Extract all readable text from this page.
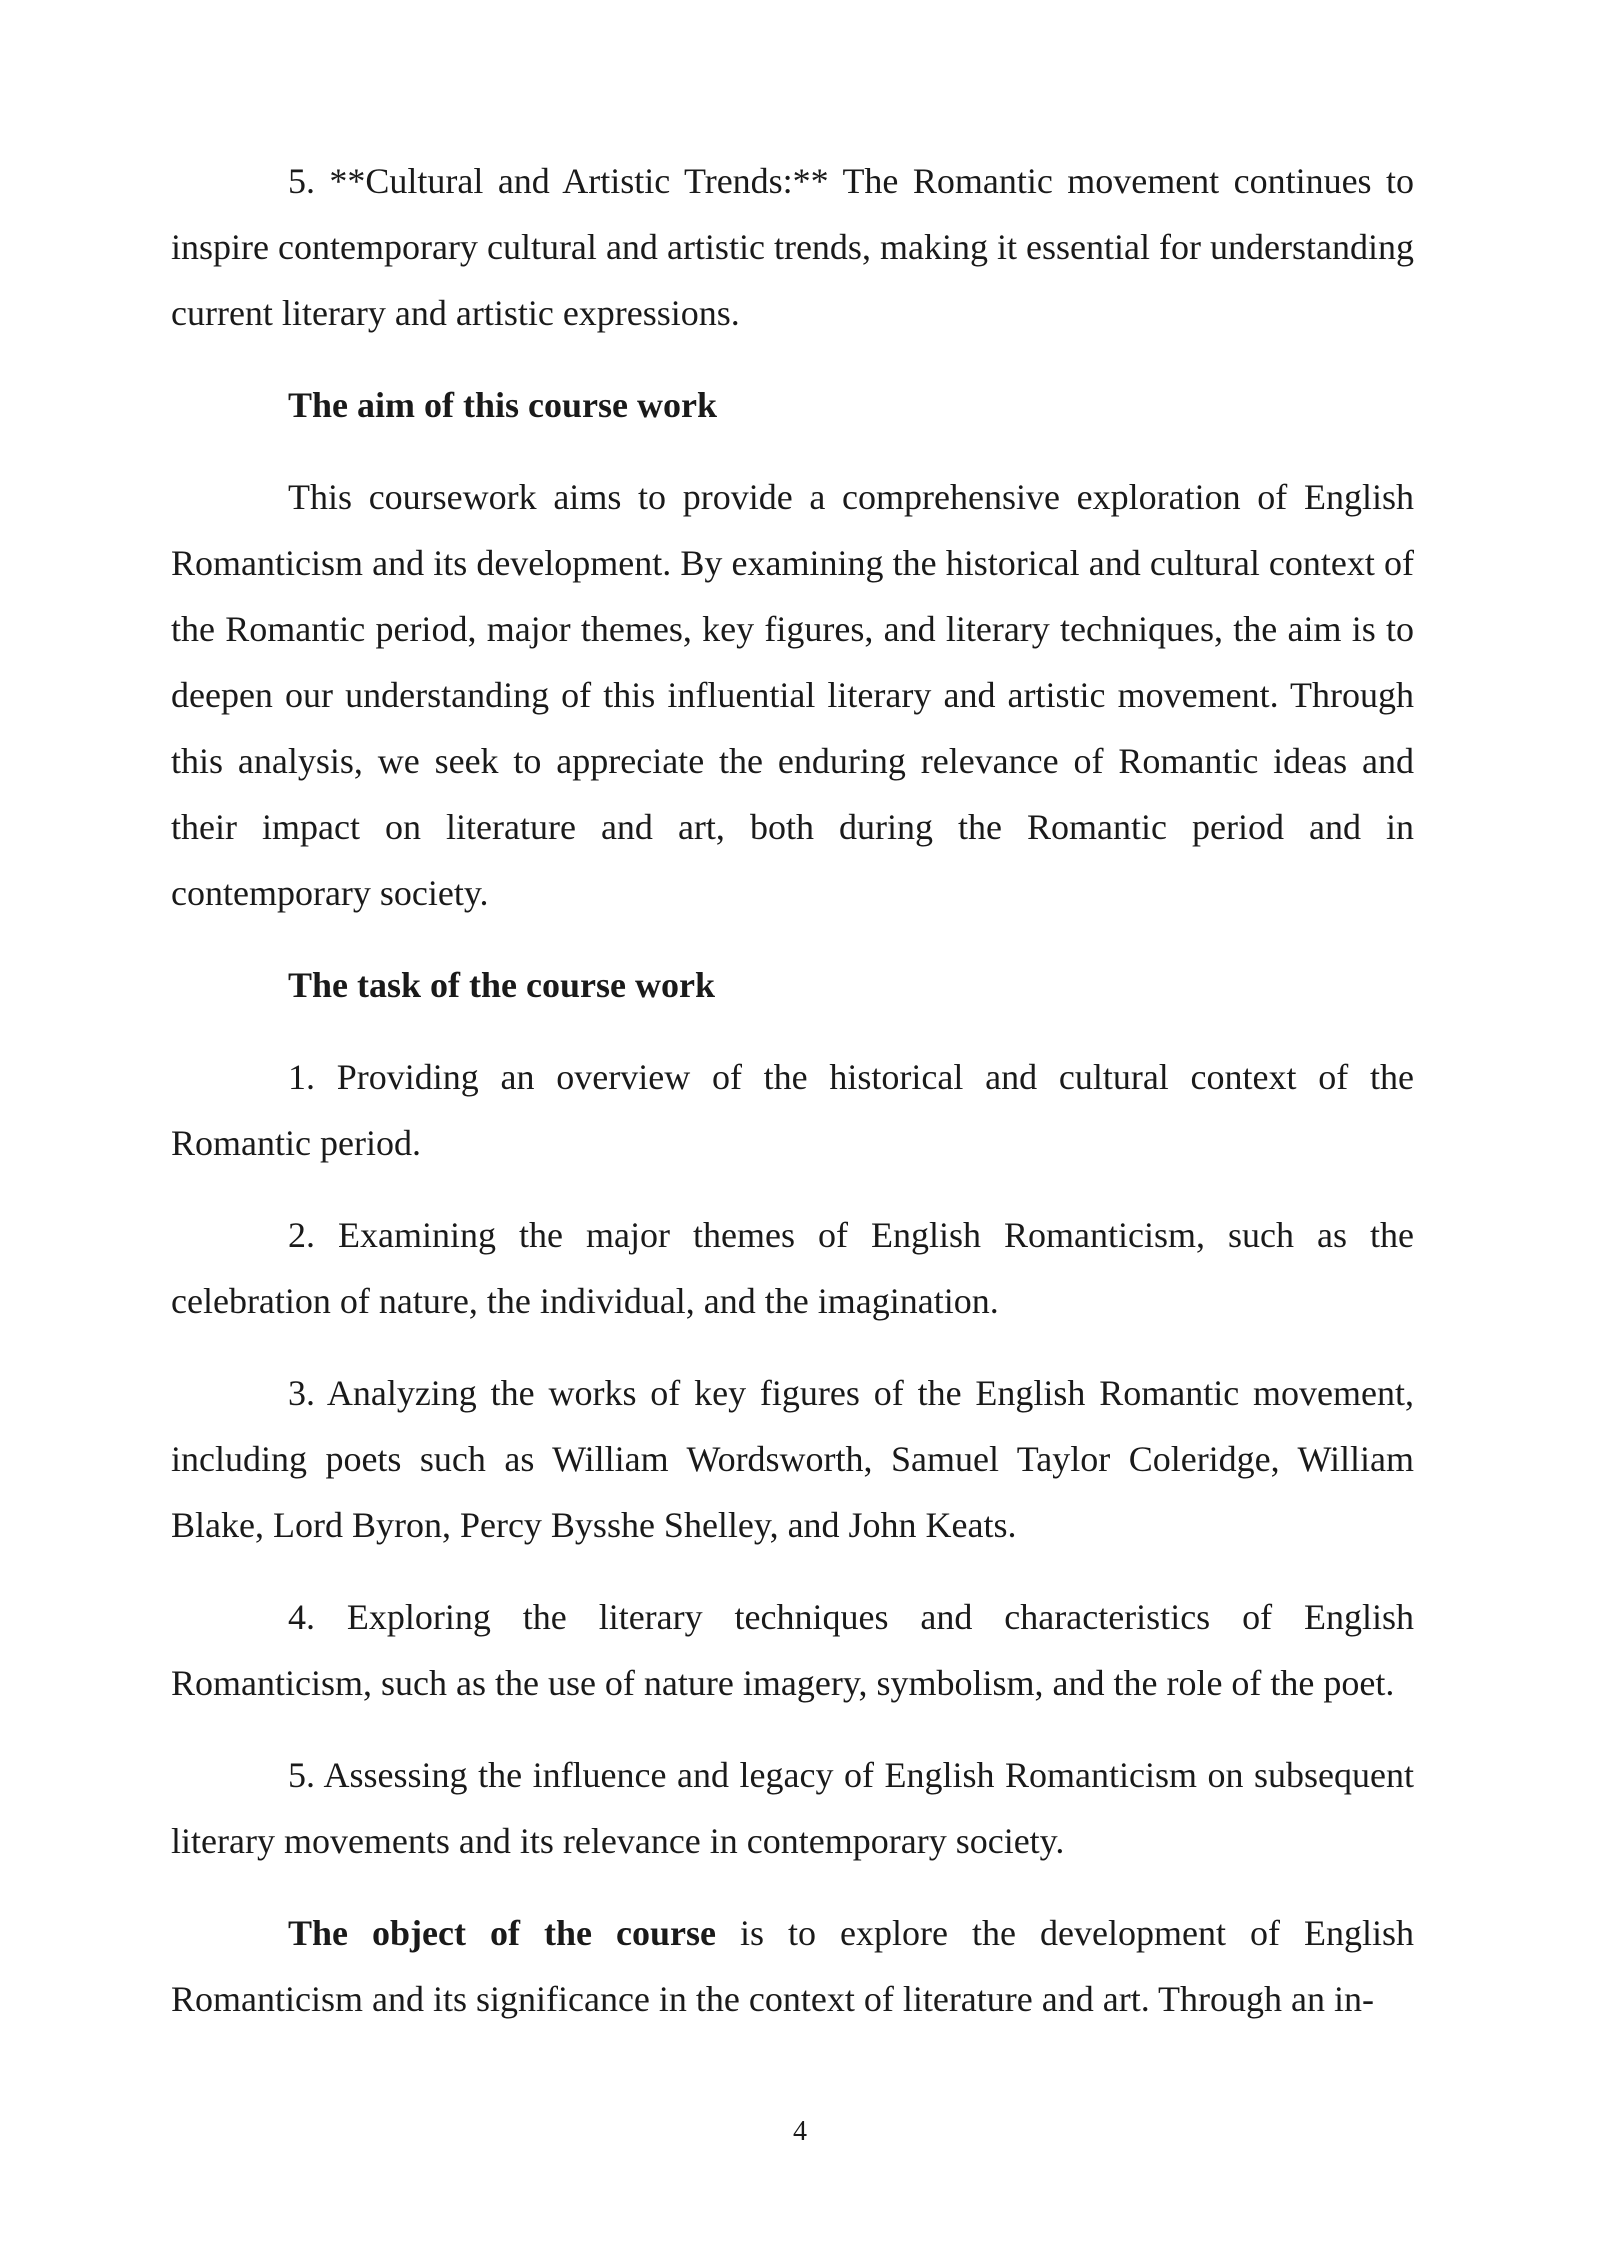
5. **Cultural and Artistic Trends:** The Romantic movement continues to inspire contemporary cultural and artistic trends, making it essential for understanding current literary and artistic expressions.

The aim of this course work

This coursework aims to provide a comprehensive exploration of English Romanticism and its development. By examining the historical and cultural context of the Romantic period, major themes, key figures, and literary techniques, the aim is to deepen our understanding of this influential literary and artistic movement. Through this analysis, we seek to appreciate the enduring relevance of Romantic ideas and their impact on literature and art, both during the Romantic period and in contemporary society.

The task of the course work

1. Providing an overview of the historical and cultural context of the Romantic period.

2. Examining the major themes of English Romanticism, such as the celebration of nature, the individual, and the imagination.

3. Analyzing the works of key figures of the English Romantic movement, including poets such as William Wordsworth, Samuel Taylor Coleridge, William Blake, Lord Byron, Percy Bysshe Shelley, and John Keats.

4. Exploring the literary techniques and characteristics of English Romanticism, such as the use of nature imagery, symbolism, and the role of the poet.

5. Assessing the influence and legacy of English Romanticism on subsequent literary movements and its relevance in contemporary society.

The object of the course is to explore the development of English Romanticism and its significance in the context of literature and art. Through an in-

4
